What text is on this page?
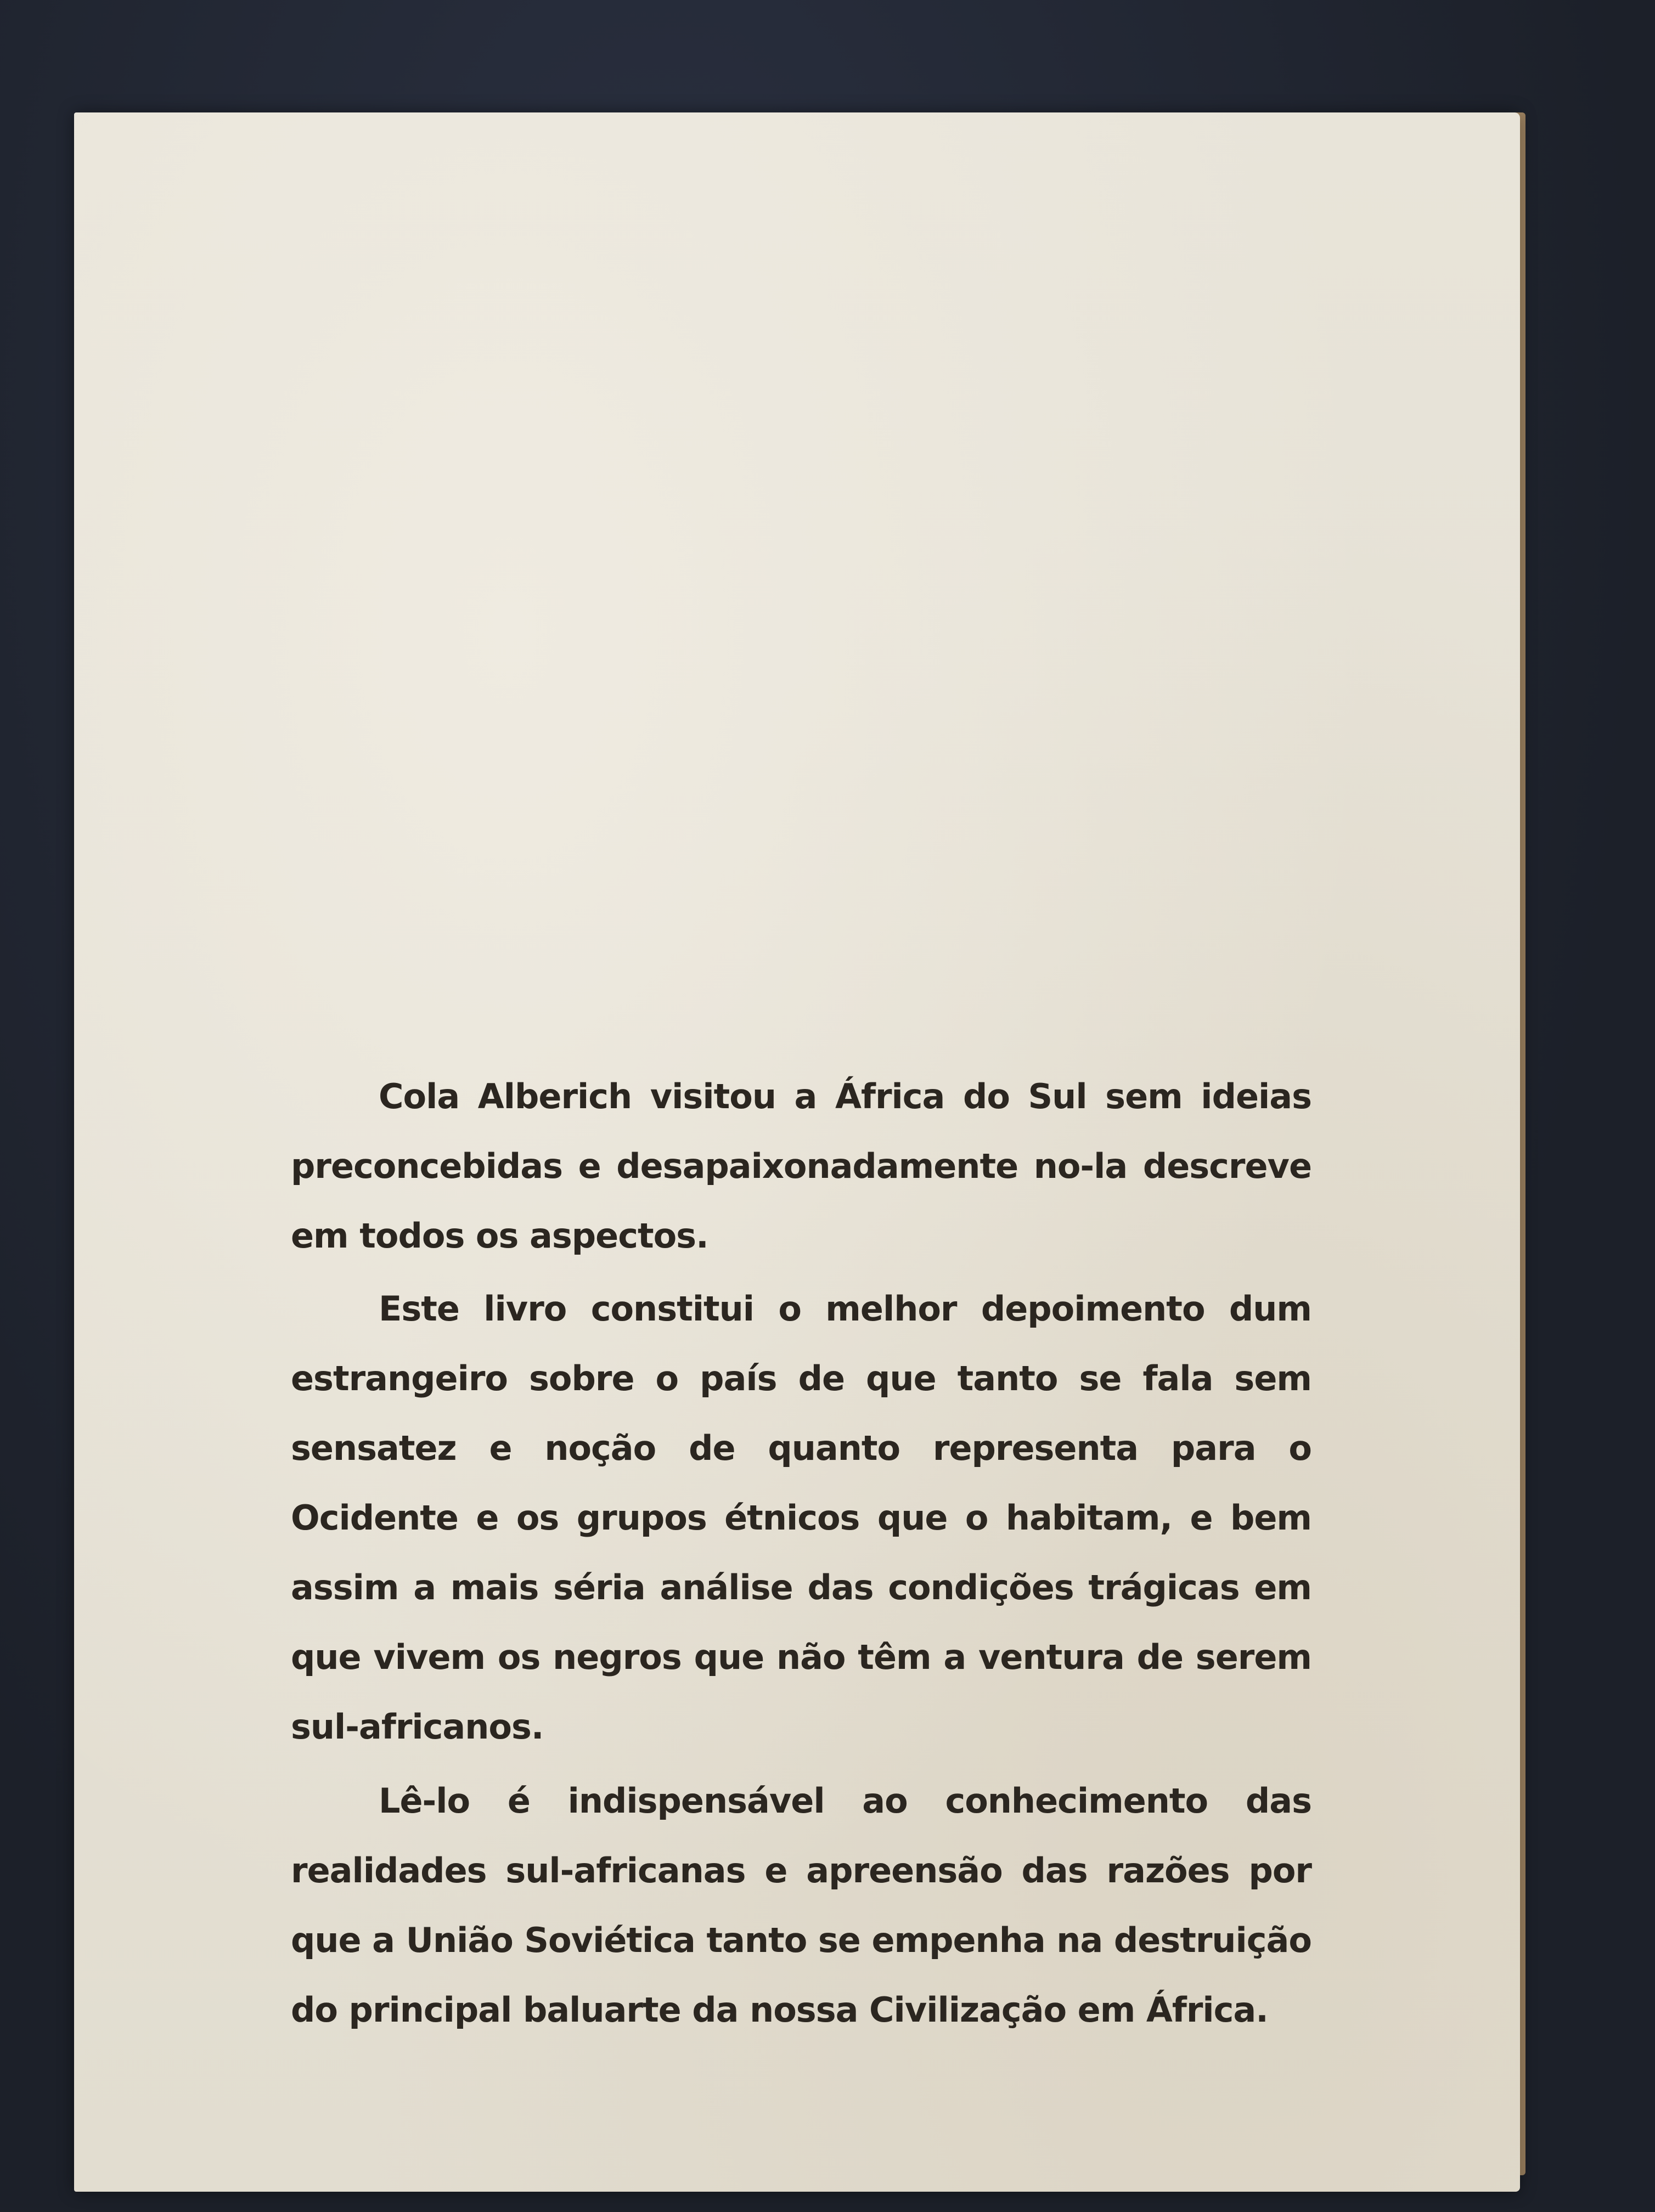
Cola Alberich visitou a África do Sul sem ideias preconcebidas e desapaixonadamente no-la descreve em todos os aspectos.

Este livro constitui o melhor depoimento dum estrangeiro sobre o país de que tanto se fala sem sensatez e noção de quanto representa para o Ocidente e os grupos étnicos que o habitam, e bem assim a mais séria análise das condições trágicas em que vivem os negros que não têm a ventura de serem sul-africanos.

Lê-lo é indispensável ao conhecimento das realidades sul-africanas e apreensão das razões por que a União Soviética tanto se empenha na destruição do principal baluarte da nossa Civilização em África.
